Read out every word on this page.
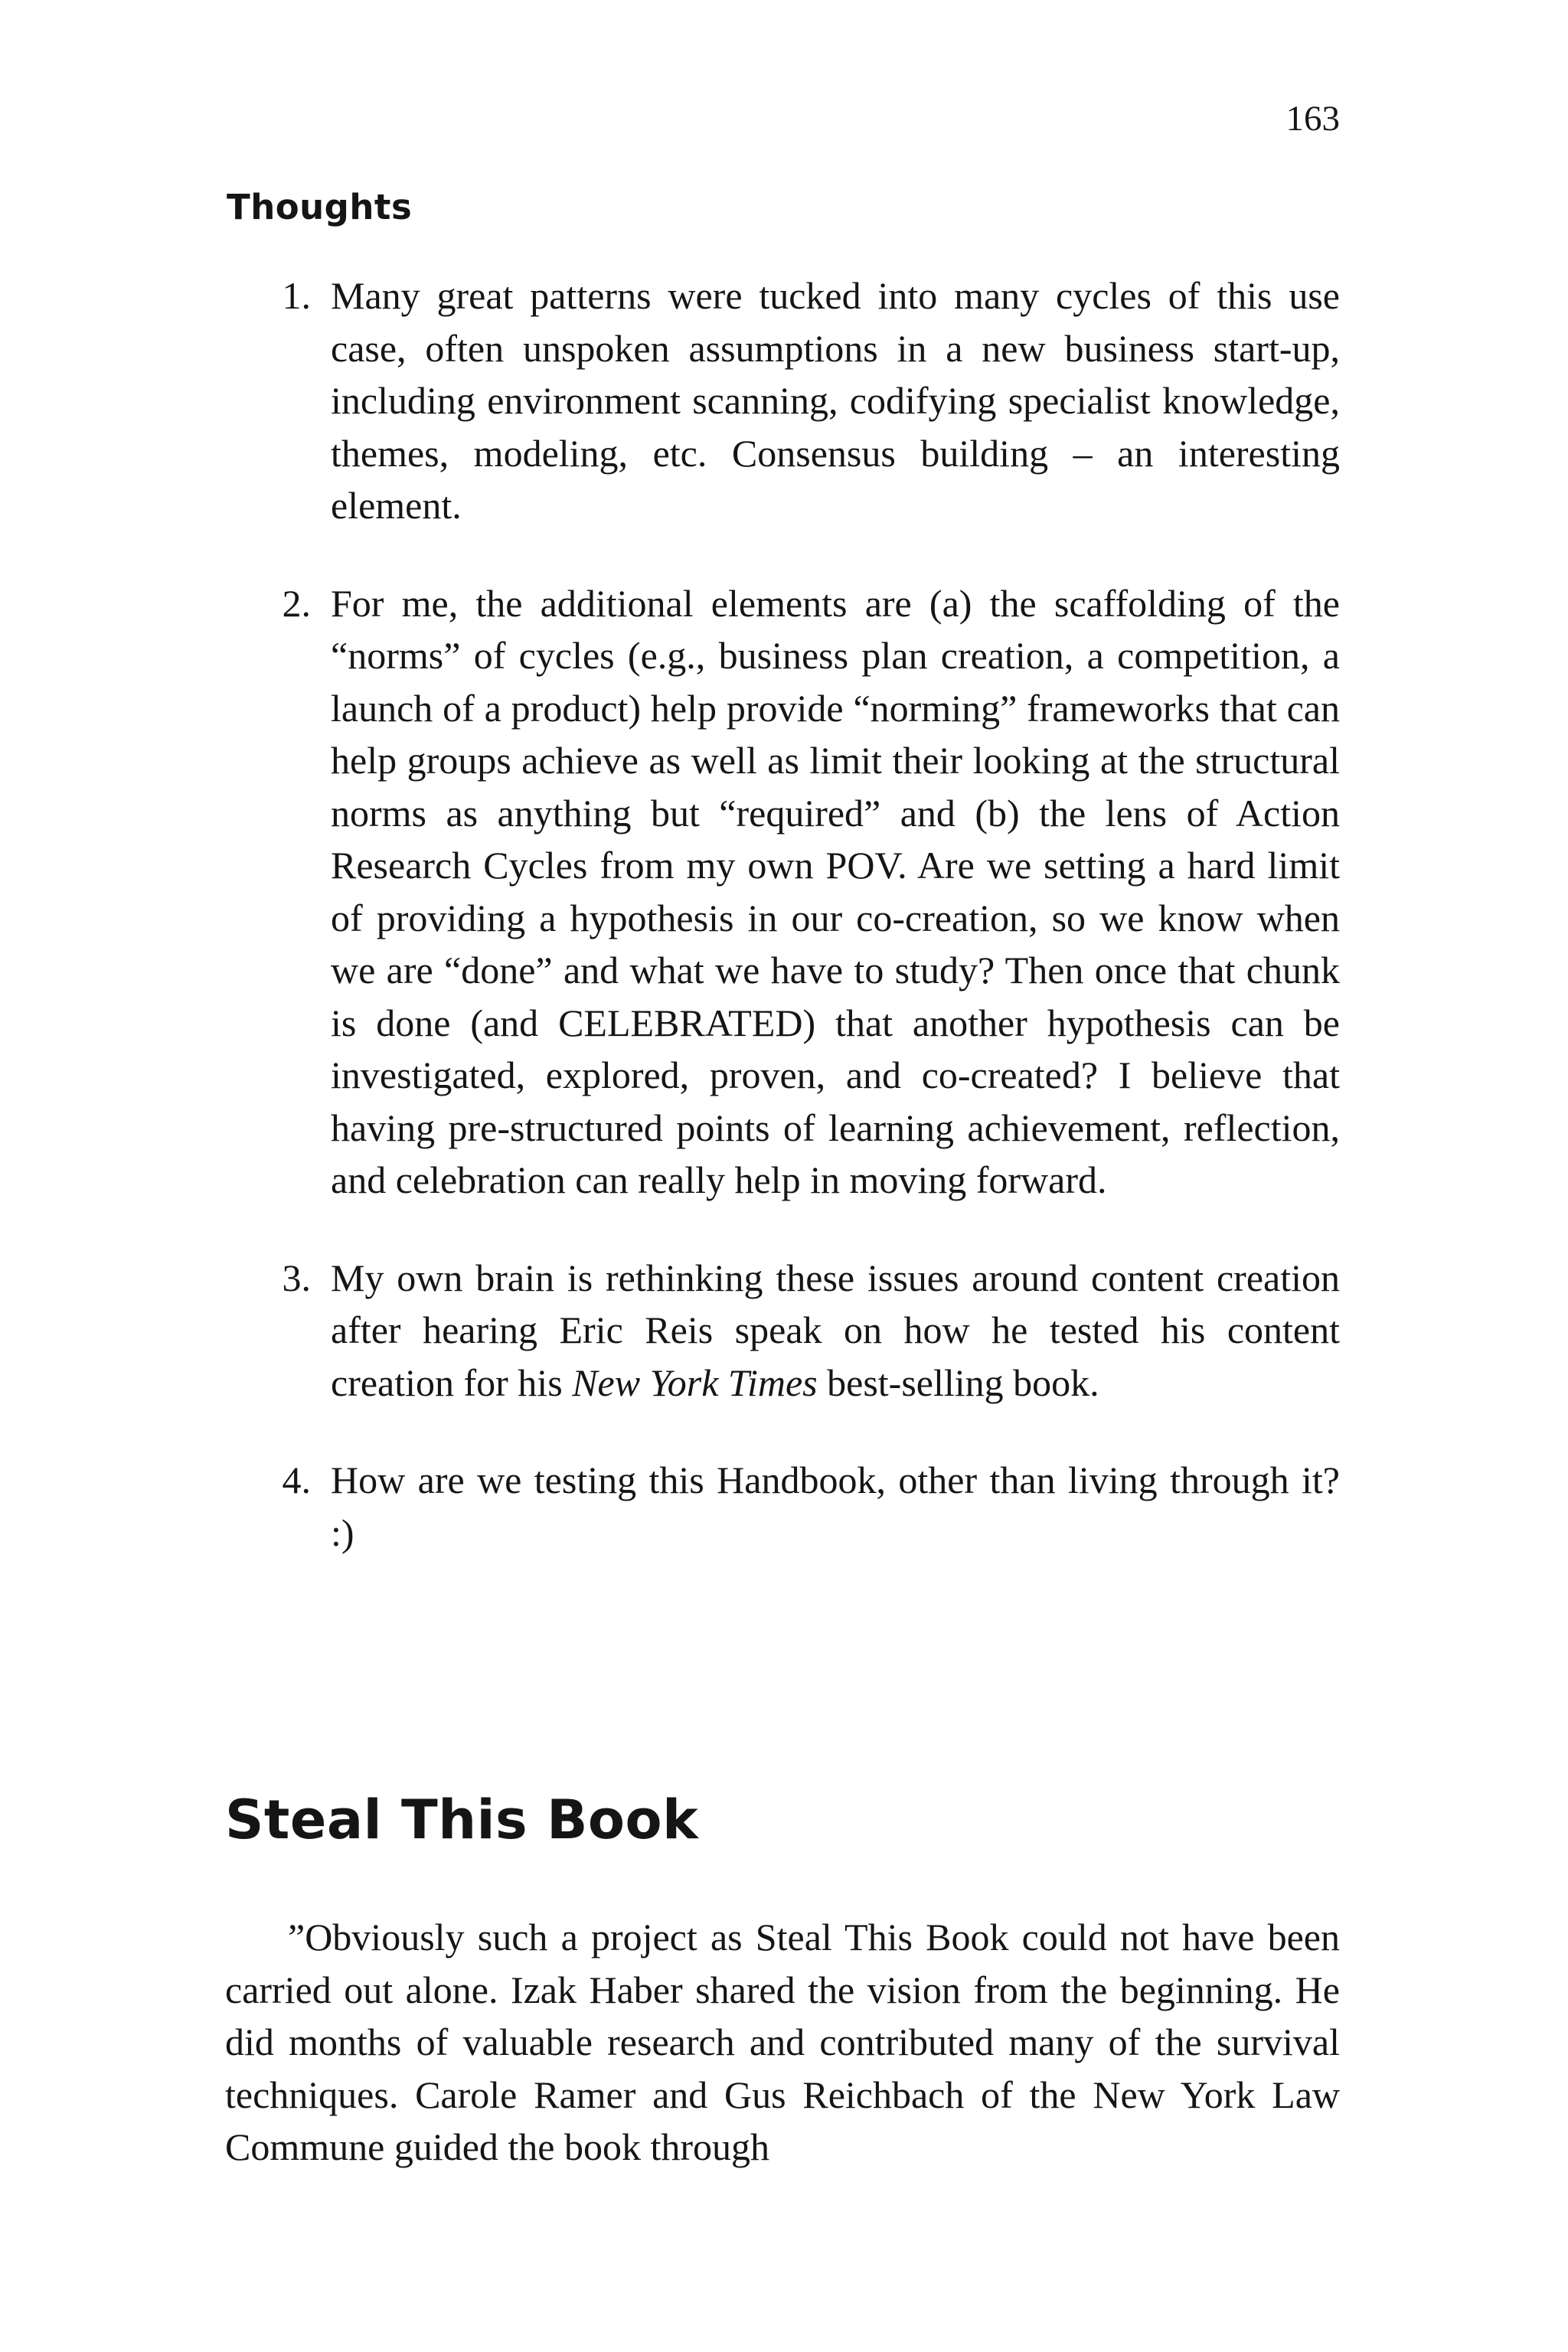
163
Thoughts
1. Many great patterns were tucked into many cycles of this use case, often unspoken assumptions in a new business start-up, including environment scanning, codifying specialist knowledge, themes, modeling, etc. Consensus building – an interesting element.
2. For me, the additional elements are (a) the scaffolding of the “norms” of cycles (e.g., business plan creation, a competition, a launch of a product) help provide “norming” frameworks that can help groups achieve as well as limit their looking at the structural norms as anything but “required” and (b) the lens of Action Research Cycles from my own POV. Are we setting a hard limit of providing a hypothesis in our co-creation, so we know when we are “done” and what we have to study? Then once that chunk is done (and CELEBRATED) that another hypothesis can be investigated, explored, proven, and co-created? I believe that having pre-structured points of learning achievement, reflection, and celebration can really help in moving forward.
3. My own brain is rethinking these issues around content creation after hearing Eric Reis speak on how he tested his content creation for his New York Times best-selling book.
4. How are we testing this Handbook, other than living through it? :)
Steal This Book

”Obviously such a project as Steal This Book could not have been carried out alone. Izak Haber shared the vision from the beginning. He did months of valuable research and contributed many of the survival techniques. Carole Ramer and Gus Reichbach of the New York Law Commune guided the book through
